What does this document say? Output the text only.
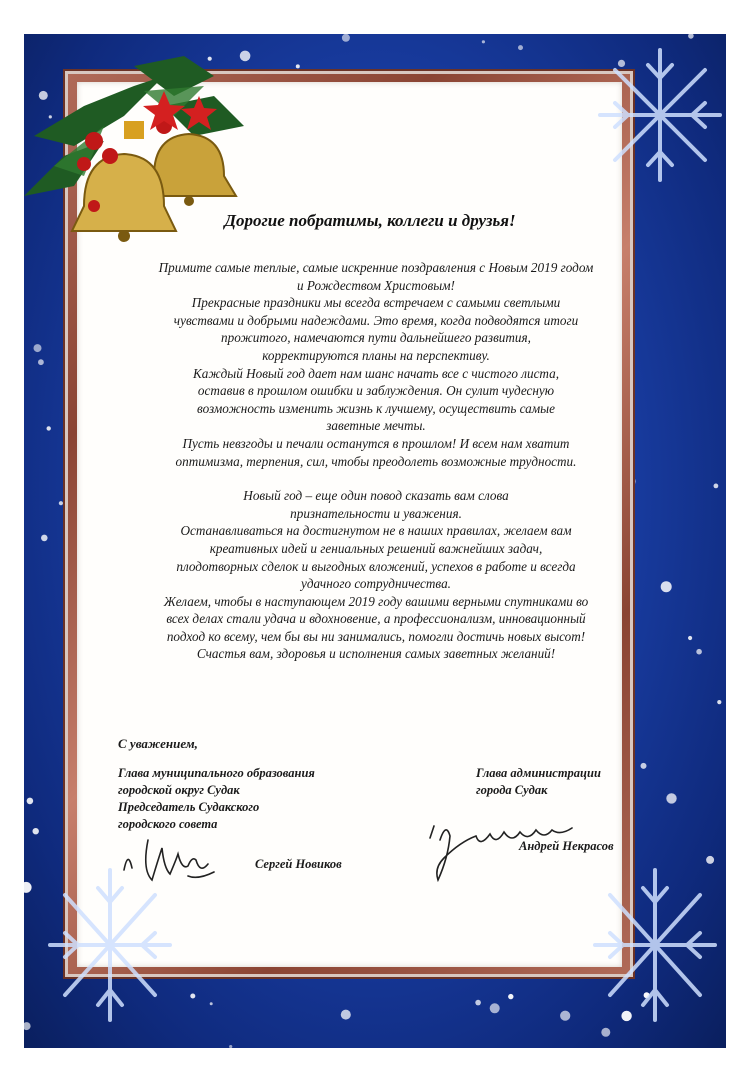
Дорогие побратимы, коллеги и друзья!

Примите самые теплые, самые искренние поздравления с Новым 2019 годом

и Рождеством Христовым!

Прекрасные праздники мы всегда встречаем с самыми светлыми

чувствами и добрыми надеждами. Это время, когда подводятся итоги

прожитого, намечаются пути дальнейшего развития,

корректируются планы на перспективу.

Каждый Новый год дает нам шанс начать все с чистого листа,

оставив в прошлом ошибки и заблуждения. Он сулит чудесную

возможность изменить жизнь к лучшему, осуществить самые

заветные мечты.

Пусть невзгоды и печали останутся в прошлом! И всем нам хватит

оптимизма, терпения, сил, чтобы преодолеть возможные трудности.

Новый год – еще один повод сказать вам слова

признательности и уважения.

Останавливаться на достигнутом не в наших правилах, желаем вам

креативных идей и гениальных решений важнейших задач,

плодотворных сделок и выгодных вложений, успехов в работе и всегда

удачного сотрудничества.

Желаем, чтобы в наступающем 2019 году вашими верными спутниками во

всех делах стали удача и вдохновение, а профессионализм, инновационный

подход ко всему, чем бы вы ни занимались, помогли достичь новых высот!

Счастья вам, здоровья и исполнения самых заветных желаний!

С уважением,
Глава муниципального образования
городской округ Судак
Председатель Судакского
городского совета
Глава администрации
города Судак
Сергей Новиков
Андрей Некрасов
